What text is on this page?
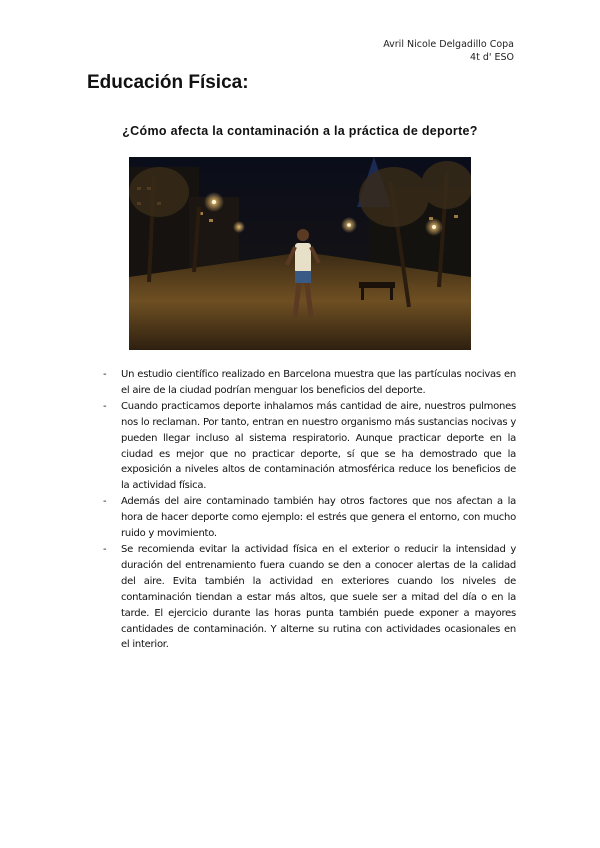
Avril Nicole Delgadillo Copa
4t d' ESO
Educación Física:
¿Cómo afecta la contaminación a la práctica de deporte?
- Un estudio científico realizado en Barcelona muestra que las partículas nocivas en el aire de la ciudad podrían menguar los beneficios del deporte.
- Cuando practicamos deporte inhalamos más cantidad de aire, nuestros pulmones nos lo reclaman. Por tanto, entran en nuestro organismo más sustancias nocivas y pueden llegar incluso al sistema respiratorio. Aunque practicar deporte en la ciudad es mejor que no practicar deporte, sí que se ha demostrado que la exposición a niveles altos de contaminación atmosférica reduce los beneficios de la actividad física.
- Además del aire contaminado también hay otros factores que nos afectan a la hora de hacer deporte como ejemplo: el estrés que genera el entorno, con mucho ruido y movimiento.
- Se recomienda evitar la actividad física en el exterior o reducir la intensidad y duración del entrenamiento fuera cuando se den a conocer alertas de la calidad del aire. Evita también la actividad en exteriores cuando los niveles de contaminación tiendan a estar más altos, que suele ser a mitad del día o en la tarde. El ejercicio durante las horas punta también puede exponer a mayores cantidades de contaminación. Y alterne su rutina con actividades ocasionales en el interior.
